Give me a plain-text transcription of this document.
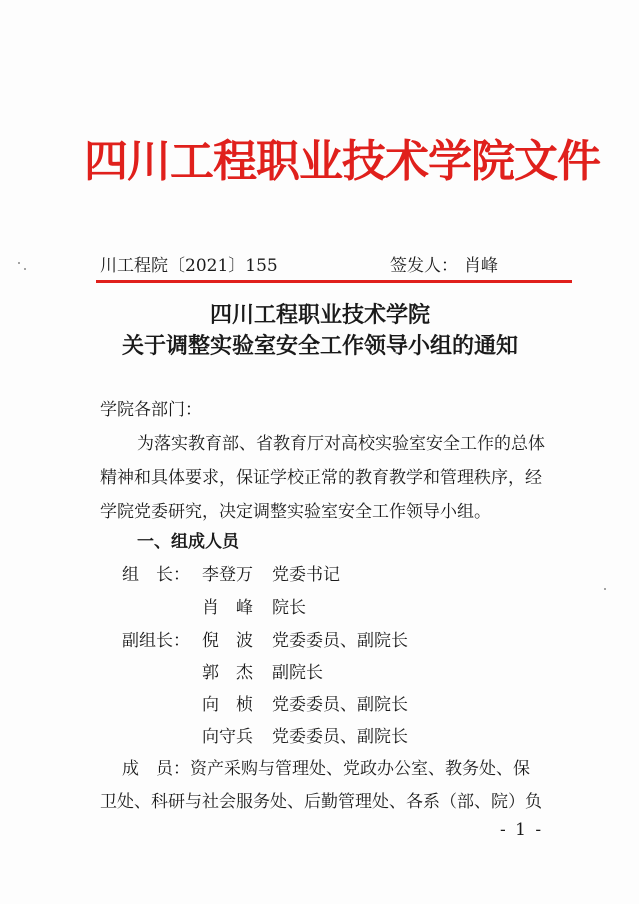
四川工程职业技术学院文件
川工程院〔2021〕155	签发人： 肖峰
四川工程职业技术学院
关于调整实验室安全工作领导小组的通知
学院各部门：
为落实教育部、省教育厅对高校实验室安全工作的总体
精神和具体要求，保证学校正常的教育教学和管理秩序，经
学院党委研究，决定调整实验室安全工作领导小组。
一、组成人员
组　长： 李登万 党委书记
肖　峰 院长
副组长： 倪　波 党委委员、副院长
郭　杰 副院长
向　桢 党委委员、副院长
向守兵 党委委员、副院长
成　员：资产采购与管理处、党政办公室、教务处、保
卫处、科研与社会服务处、后勤管理处、各系（部、院）负
- 1 -
